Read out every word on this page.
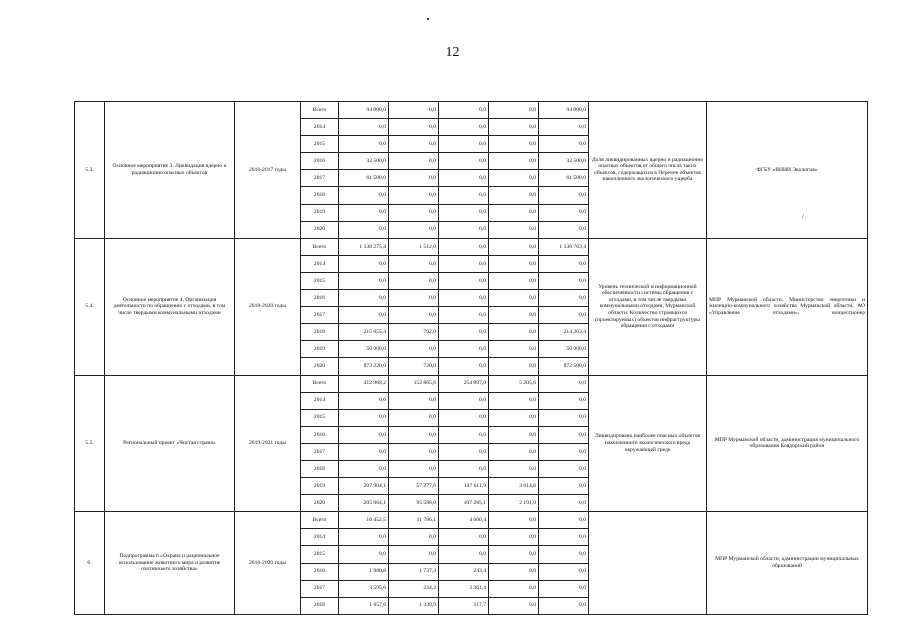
12
5.3.	Основное мероприятие 3. Ликвидация ядерно и радиационно опасных объектов	2016-2017 годы	Всего	94 000,0	0,0	0,0	0,0	94 000,0	Доля ликвидированных ядерно и радиационно опасных объектов от общего числа таких объектов, содержащихся в Перечне объектов накопленного экологического ущерба	ФГБУ «ВНИИ Экология»
			2014	0,0	0,0	0,0	0,0	0,0		
			2015	0,0	0,0	0,0	0,0	0,0		
			2016	32 500,0	0,0	0,0	0,0	32 500,0		
			2017	61 500,0	0,0	0,0	0,0	61 500,0		
			2018	0,0	0,0	0,0	0,0	0,0		
			2019	0,0	0,0	0,0	0,0	0,0		
			2020	0,0	0,0	0,0	0,0	0,0		
5.4.	Основное мероприятие 4. Организация деятельности по обращению с отходами, в том числе твердыми коммунальными отходами	2018-2020 годы	Всего	1 138 275,4	1 512,0	0,0	0,0	1 136 763,4	Уровень технической и информационной обеспеченности системы обращения с отходами, в том числе твердыми коммунальными отходами, Мурманской области. Количество строящихся (проектируемых) объектов инфраструктуры обращения с отходами	МПР Мурманской области, Министерство энергетики и жилищно-коммунального хозяйства Мурманской области, АО «Управление отходами», концессионер
			2014	0,0	0,0	0,0	0,0	0,0		
			2015	0,0	0,0	0,0	0,0	0,0		
			2016	0,0	0,0	0,0	0,0	0,0		
			2017	0,0	0,0	0,0	0,0	0,0		
			2018	215 055,4	792,0	0,0	0,0	214 263,4		
			2019	50 000,0	0,0	0,0	0,0	50 000,0		
			2020	873 220,0	720,0	0,0	0,0	872 500,0		
5.5.	Региональный проект «Чистая страна»	2019-2021 годы	Всего	412 968,2	152 865,6	254 897,0	5 205,6	0,0	Ликвидировано наиболее опасных объектов накопленного экологического вреда окружающей среде	МПР Мурманской области, администрация муниципального образования Ковдорский район
			2014	0,0	0,0	0,0	0,0	0,0		
			2015	0,0	0,0	0,0	0,0	0,0		
			2016	0,0	0,0	0,0	0,0	0,0		
			2017	0,0	0,0	0,0	0,0	0,0		
			2018	0,0	0,0	0,0	0,0	0,0		
			2019	207 904,1	57 277,6	147 611,9	3 014,6	0,0		
			2020	205 064,1	95 588,0	107 285,1	2 191,0	0,0		
6.	Подпрограмма 6 «Охрана и рациональное использование животного мира и развитие охотничьего хозяйства»	2016-2020 годы	Всего	16 452,5	11 786,1	4 666,4	0,0	0,0		МПР Мурманской области, администрации муниципальных образований
			2014	0,0	0,0	0,0	0,0	0,0		
			2015	0,0	0,0	0,0	0,0	0,0		
			2016	1 980,8	1 737,4	243,4	0,0	0,0		
			2017	3 595,6	234,2	3 361,4	0,0	0,0		
			2018	1 657,6	1 339,9	317,7	0,0	0,0		
/
